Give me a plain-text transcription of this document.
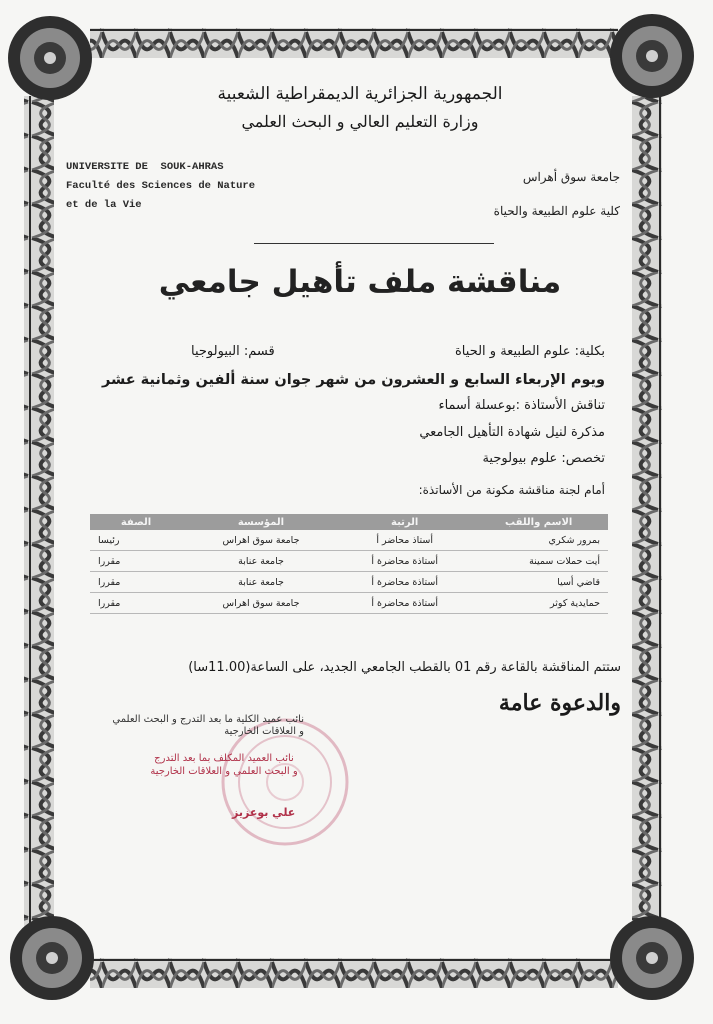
الجمهورية الجزائرية الديمقراطية الشعبية
وزارة التعليم العالي و البحث العلمي
UNIVERSITE DE  SOUK-AHRAS
Faculté des Sciences de Nature
et de la Vie
جامعة سوق أهراس
كلية علوم الطبيعة والحياة
مناقشة ملف تأهيل جامعي
بكلية: علوم الطبيعة و الحياة
قسم: البيولوجيا
ويوم الإربعاء السابع و العشرون من شهر جوان سنة ألفين وثمانية عشر
تناقش الأستاذة :بوعسلة أسماء
مذكرة لنيل شهادة التأهيل الجامعي
تخصص: علوم بيولوجية
أمام لجنة مناقشة مكونة من الأساتذة:
الاسم واللقب	الرتبة	المؤسسة	الصفة
بمرور شكري	أستاذ محاضر أ	جامعة سوق اهراس	رئيسا
أيت حملات سمينة	أستاذة محاضرة أ	جامعة عنابة	مقررا
قاضي أسيا	أستاذة محاضرة أ	جامعة عنابة	مقررا
حمايدية كوثر	أستاذة محاضرة أ	جامعة سوق اهراس	مقررا
ستتم المناقشة بالقاعة رقم 01 بالقطب الجامعي الجديد، على الساعة(11.00سا)
والدعوة عامة
نائب عميد الكلية ما بعد التدرج و البحث العلمي
و العلاقات الخارجية
نائب العميد المكلف بما بعد التدرج
و البحث العلمي و العلاقات الخارجية
علي بوعزيز
